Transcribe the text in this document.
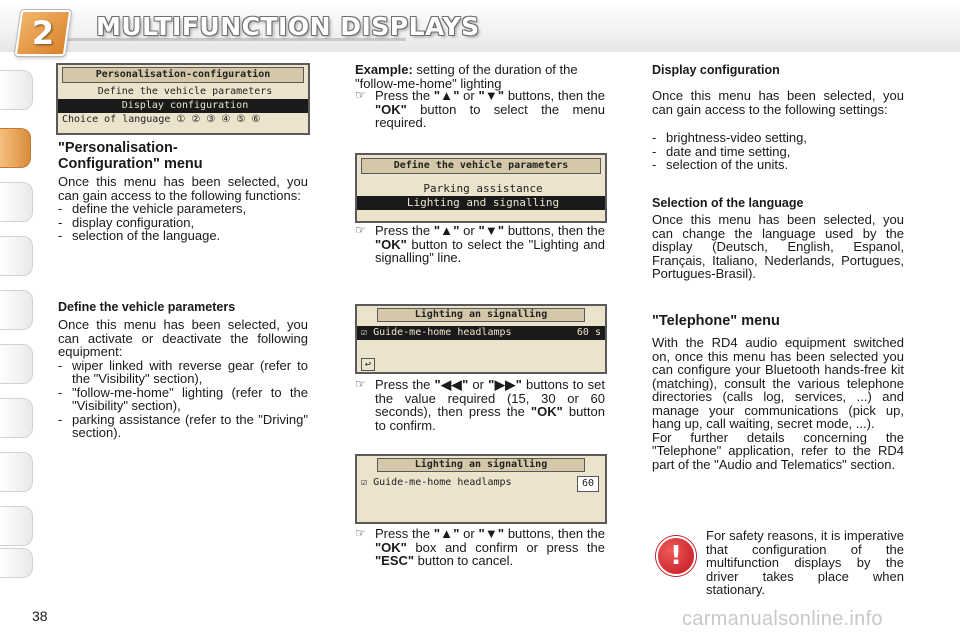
2	MULTIFUNCTION DISPLAYS
Personalisation-configuration
Define the vehicle parameters
Display configuration
Choice of language ① ② ③ ④ ⑤ ⑥
"Personalisation-
Configuration" menu
Once this menu has been selected, you can gain access to the following functions:
- define the vehicle parameters,
- display configuration,
- selection of the language.
Define the vehicle parameters
Once this menu has been selected, you can activate or deactivate the following equipment:
- wiper linked with reverse gear (refer to the "Visibility" section),
- "follow-me-home" lighting (refer to the "Visibility" section),
- parking assistance (refer to the "Driving" section).
Example: setting of the duration of the "follow-me-home" lighting
☞ Press the "▲" or "▼" buttons, then the "OK" button to select the menu required.
Define the vehicle parameters
Parking assistance
Lighting and signalling
☞ Press the "▲" or "▼" buttons, then the "OK" button to select the "Lighting and signalling" line.
Lighting an signalling
☑ Guide-me-home headlamps	60 s
↩
☞ Press the "◀◀" or "▶▶" buttons to set the value required (15, 30 or 60 seconds), then press the "OK" button to confirm.
Lighting an signalling
☑ Guide-me-home headlamps	60
☞ Press the "▲" or "▼" buttons, then the "OK" box and confirm or press the "ESC" button to cancel.
Display configuration
Once this menu has been selected, you can gain access to the following settings:
- brightness-video setting,
- date and time setting,
- selection of the units.
Selection of the language
Once this menu has been selected, you can change the language used by the display (Deutsch, English, Espanol, Français, Italiano, Nederlands, Portugues, Portugues-Brasil).
"Telephone" menu
With the RD4 audio equipment switched on, once this menu has been selected you can configure your Bluetooth hands-free kit (matching), consult the various telephone directories (calls log, services, ...) and manage your communications (pick up, hang up, call waiting, secret mode, ...).
For further details concerning the "Telephone" application, refer to the RD4 part of the "Audio and Telematics" section.
!
For safety reasons, it is imperative that configuration of the multifunction displays by the driver takes place when stationary.
38	carmanualsonline.info
